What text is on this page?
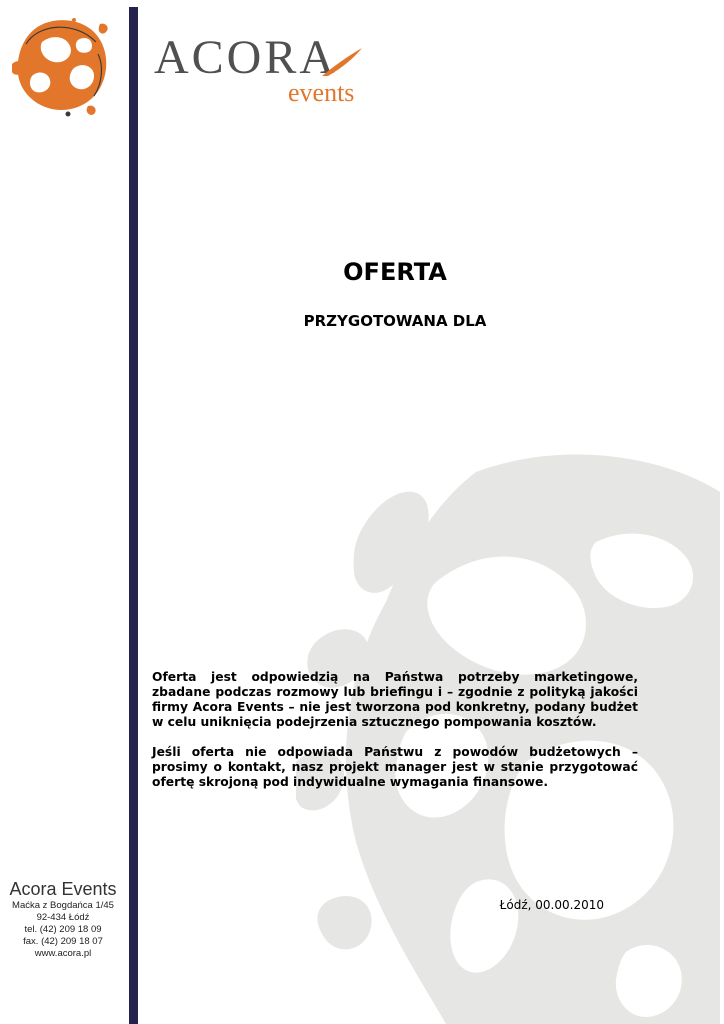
ACORA
events
OFERTA
PRZYGOTOWANA DLA

Oferta jest odpowiedzią na Państwa potrzeby marketingowe, zbadane podczas rozmowy lub briefingu i – zgodnie z polityką jakości firmy Acora Events – nie jest tworzona pod konkretny, podany budżet w celu uniknięcia podejrzenia sztucznego pompowania kosztów.

Jeśli oferta nie odpowiada Państwu z powodów budżetowych – prosimy o kontakt, nasz projekt manager jest w stanie przygotować ofertę skrojoną pod indywidualne wymagania finansowe.

Łódź, 00.00.2010
Acora Events
Maćka z Bogdańca 1/45
92-434 Łódź
tel. (42) 209 18 09
fax. (42) 209 18 07
www.acora.pl
